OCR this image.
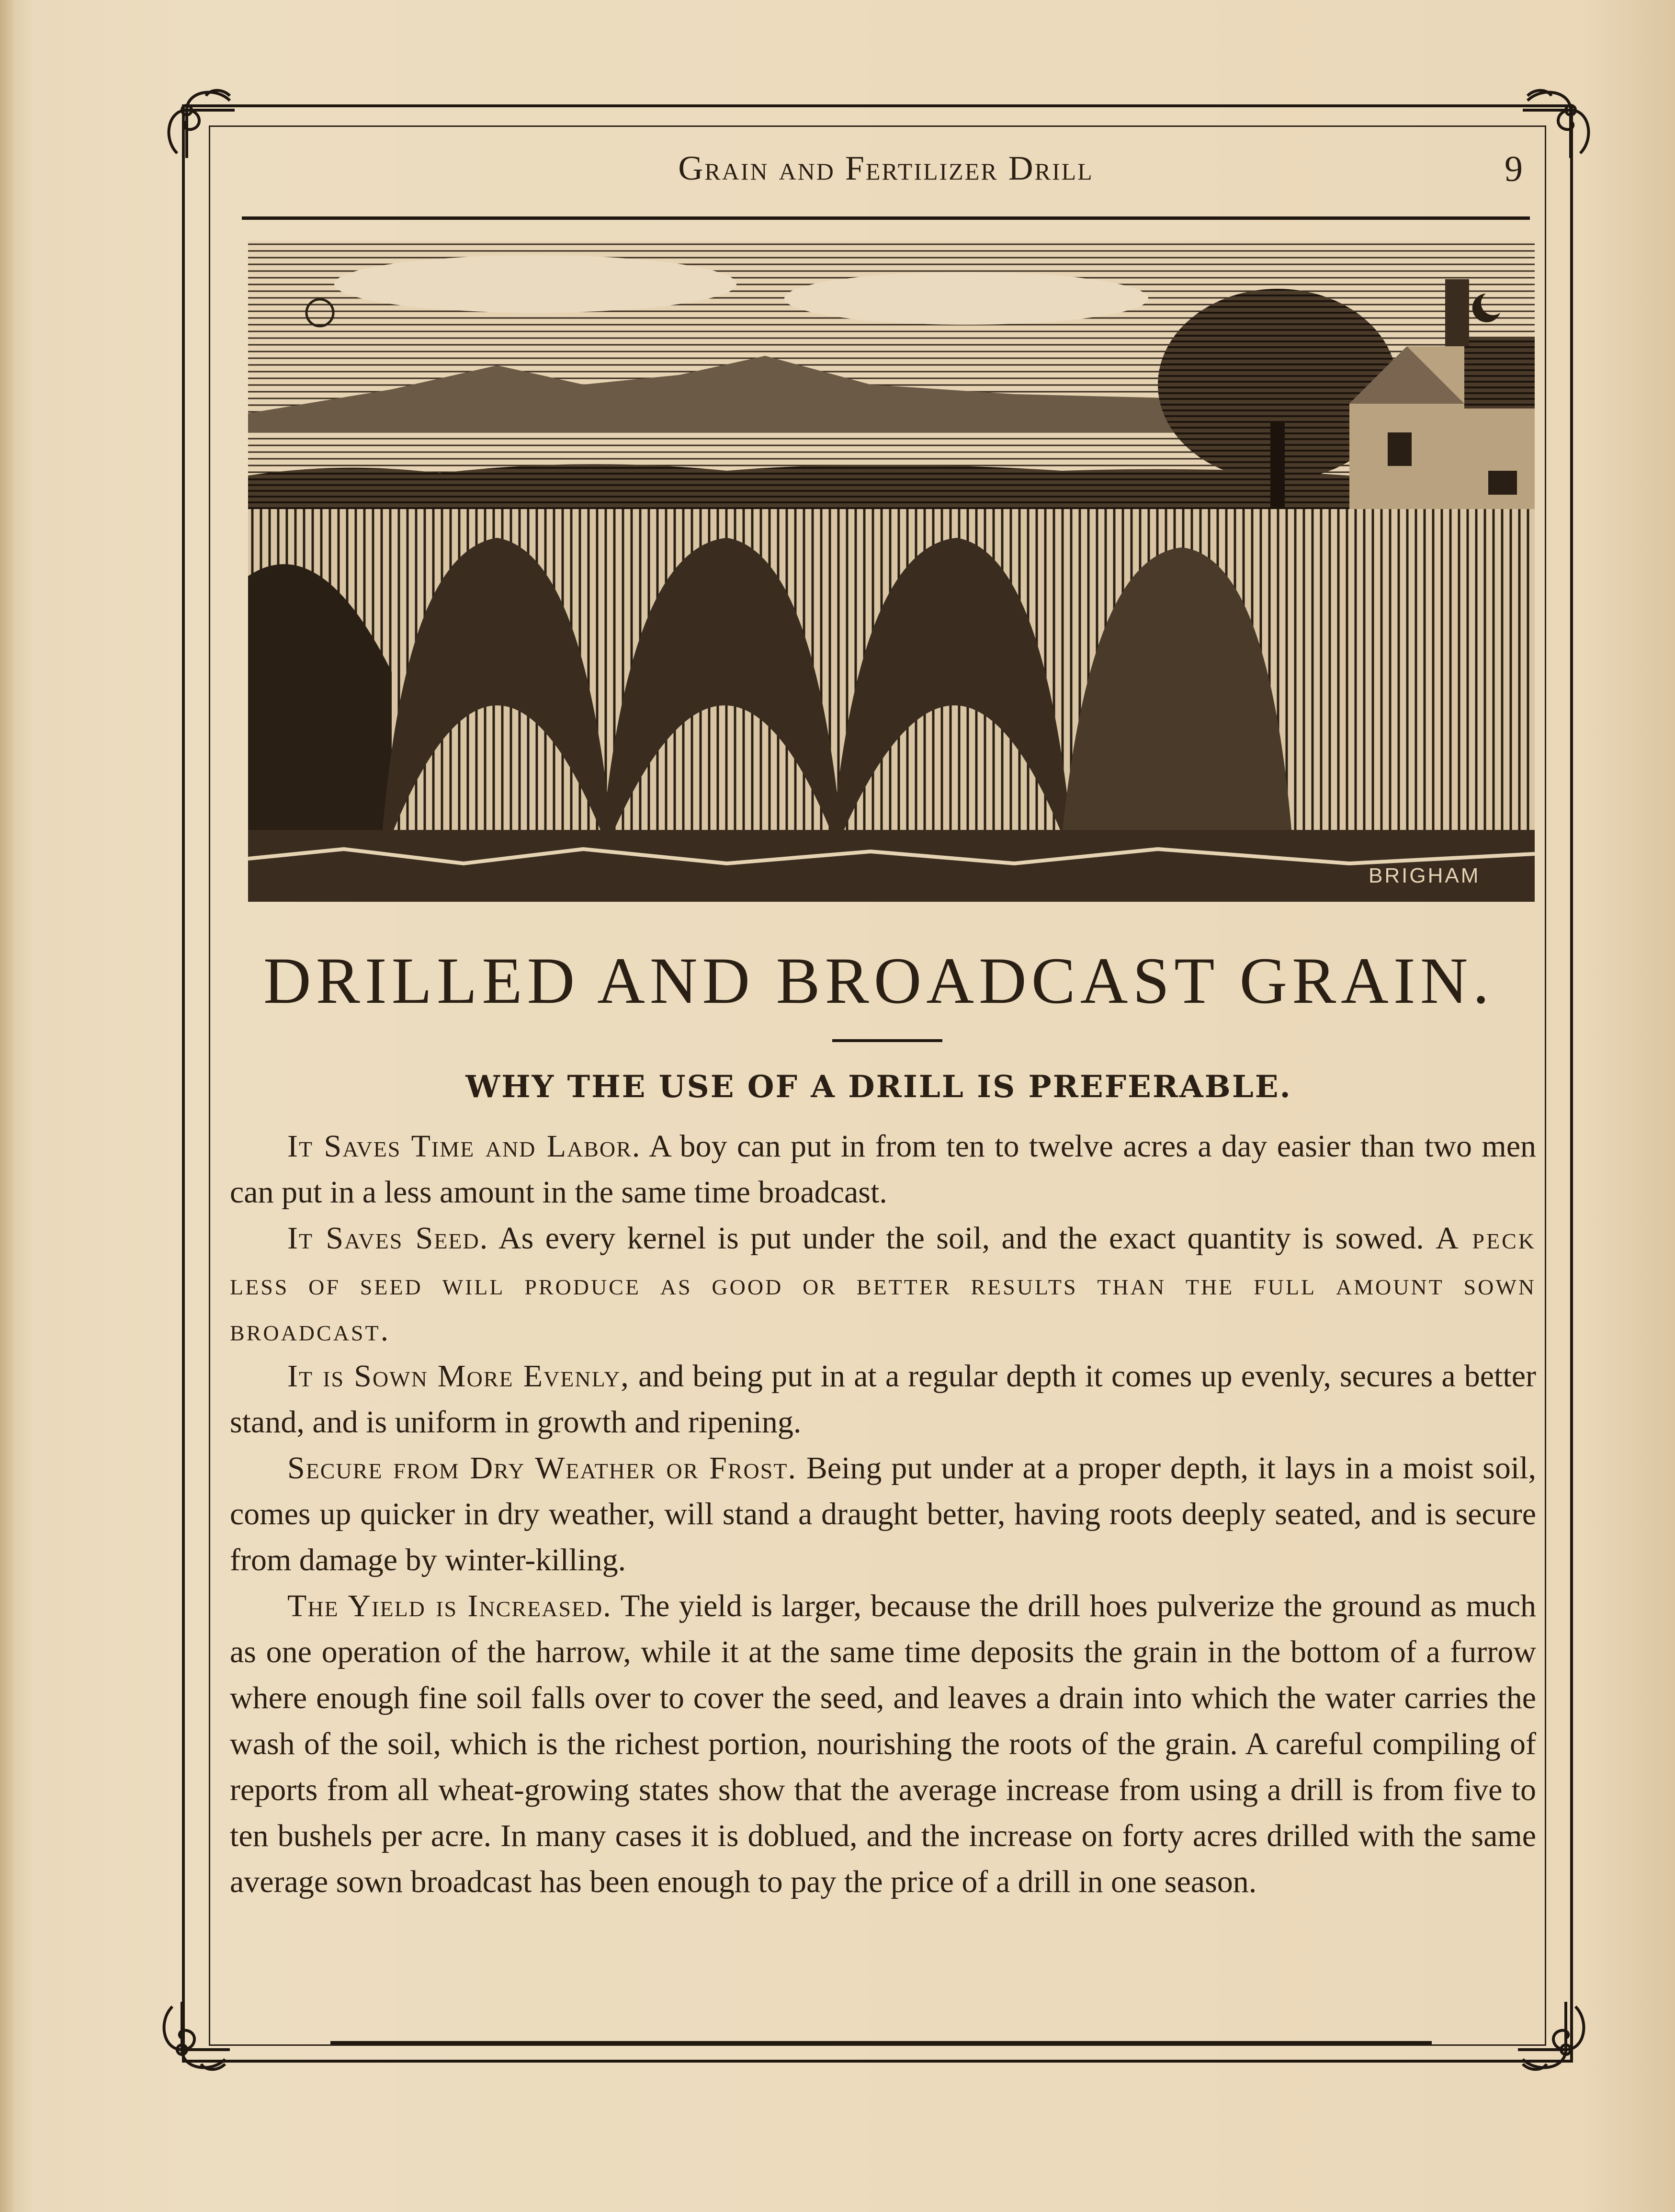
Grain and Fertilizer Drill	9
BRIGHAM
DRILLED AND BROADCAST GRAIN.
WHY THE USE OF A DRILL IS PREFERABLE.

It Saves Time and Labor. A boy can put in from ten to twelve acres a day easier than two men can put in a less amount in the same time broadcast.

It Saves Seed. As every kernel is put under the soil, and the exact quantity is sowed. A peck less of seed will produce as good or better results than the full amount sown broadcast.

It is Sown More Evenly, and being put in at a regular depth it comes up evenly, secures a better stand, and is uniform in growth and ripening.

Secure from Dry Weather or Frost. Being put under at a proper depth, it lays in a moist soil, comes up quicker in dry weather, will stand a draught better, having roots deeply seated, and is secure from damage by winter-killing.

The Yield is Increased. The yield is larger, because the drill hoes pulverize the ground as much as one operation of the harrow, while it at the same time deposits the grain in the bottom of a furrow where enough fine soil falls over to cover the seed, and leaves a drain into which the water carries the wash of the soil, which is the richest portion, nourishing the roots of the grain. A careful compiling of reports from all wheat-growing states show that the average increase from using a drill is from five to ten bushels per acre. In many cases it is doblued, and the increase on forty acres drilled with the same average sown broadcast has been enough to pay the price of a drill in one season.
